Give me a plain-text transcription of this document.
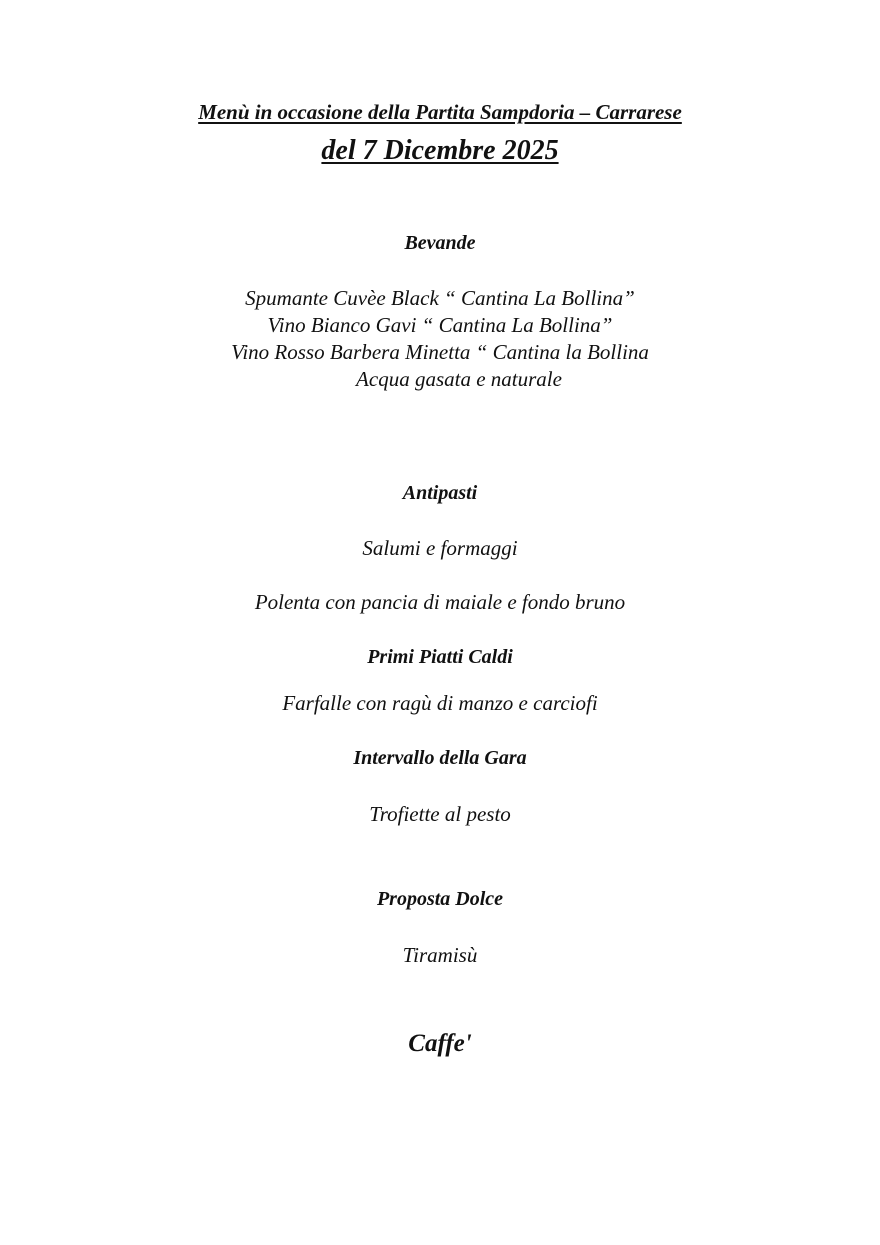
Menù in occasione della Partita Sampdoria – Carrarese
del 7 Dicembre 2025
Bevande
Spumante Cuvèe Black “ Cantina La Bollina”
Vino Bianco Gavi “ Cantina La Bollina”
Vino Rosso Barbera Minetta “ Cantina la Bollina
Acqua gasata e naturale
Antipasti
Salumi e formaggi
Polenta con pancia di maiale e fondo bruno
Primi Piatti Caldi
Farfalle con ragù di manzo e carciofi
Intervallo della Gara
Trofiette al pesto
Proposta Dolce
Tiramisù
Caffe'
